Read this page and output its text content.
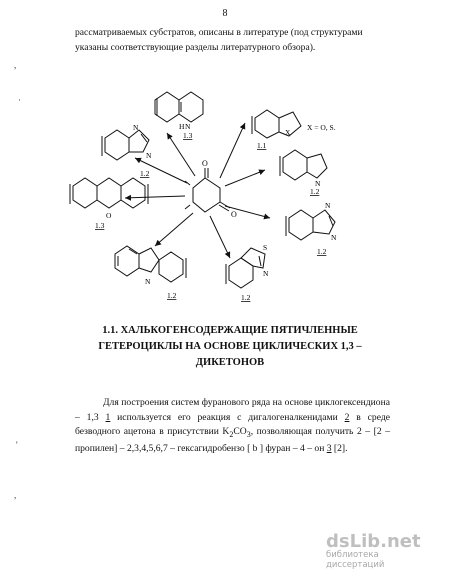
8

рассматриваемых субстратов, описаны в литературе (под структурами

указаны соответствующие разделы литературного обзора).

,
·
'
,
O
O
N
H
1.3	X
1.1
X = O, S.
N
N
1.2
O
1.3
N
1.2
N
N
1.2
N
1.2
S
N
1.2
1.1. ХАЛЬКОГЕНСОДЕРЖАЩИЕ ПЯТИЧЛЕННЫЕ
ГЕТЕРОЦИКЛЫ НА ОСНОВЕ ЦИКЛИЧЕСКИХ 1,3 –
ДИКЕТОНОВ

Для построения систем фуранового ряда на основе циклогексендиона – 1,3 1 используется его реакция с дигалогеналкенидами 2 в среде безводного ацетона в присутствии $K_2CO_3$, позволяющая получить 2 – [2 – пропилен] – 2,3,4,5,6,7 – гексагидробензо [ b ] фуран – 4 – он 3 [2].

dsLib.net
библиотека диссертаций
